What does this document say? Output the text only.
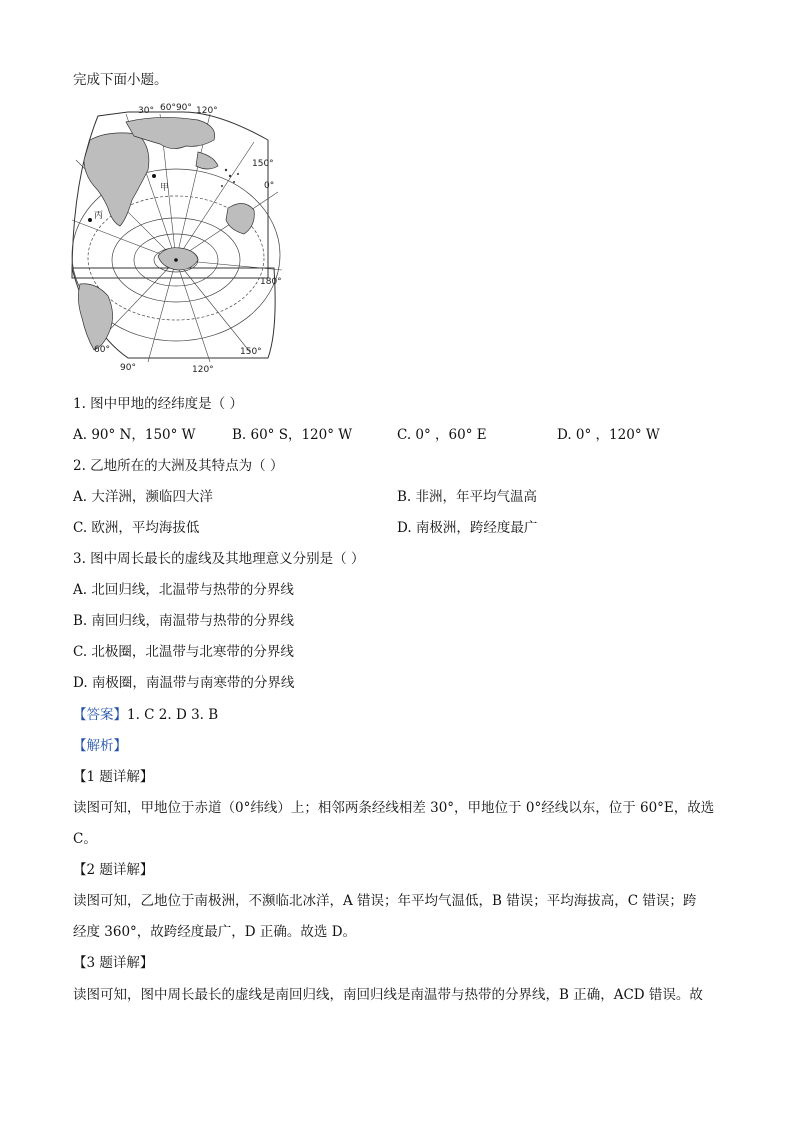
完成下面小题。
30° 60°90° 120°
150°
0°
180°
60°
90°	120°
150°
甲
丙
1. 图中甲地的经纬度是（ ）
A. 90° N，150° W	B. 60° S，120° W	C. 0° ，60° E	D. 0° ，120° W
2. 乙地所在的大洲及其特点为（ ）
A. 大洋洲，濒临四大洋	B. 非洲，年平均气温高
C. 欧洲，平均海拔低	D. 南极洲，跨经度最广
3. 图中周长最长的虚线及其地理意义分别是（ ）
A. 北回归线，北温带与热带的分界线
B. 南回归线，南温带与热带的分界线
C. 北极圈，北温带与北寒带的分界线
D. 南极圈，南温带与南寒带的分界线
【答案】1. C 2. D 3. B
【解析】
【1 题详解】
读图可知，甲地位于赤道（0°纬线）上；相邻两条经线相差 30°，甲地位于 0°经线以东，位于 60°E，故选
C。
【2 题详解】
读图可知，乙地位于南极洲，不濒临北冰洋，A 错误；年平均气温低，B 错误；平均海拔高，C 错误；跨
经度 360°，故跨经度最广，D 正确。故选 D。
【3 题详解】
读图可知，图中周长最长的虚线是南回归线，南回归线是南温带与热带的分界线，B 正确，ACD 错误。故
